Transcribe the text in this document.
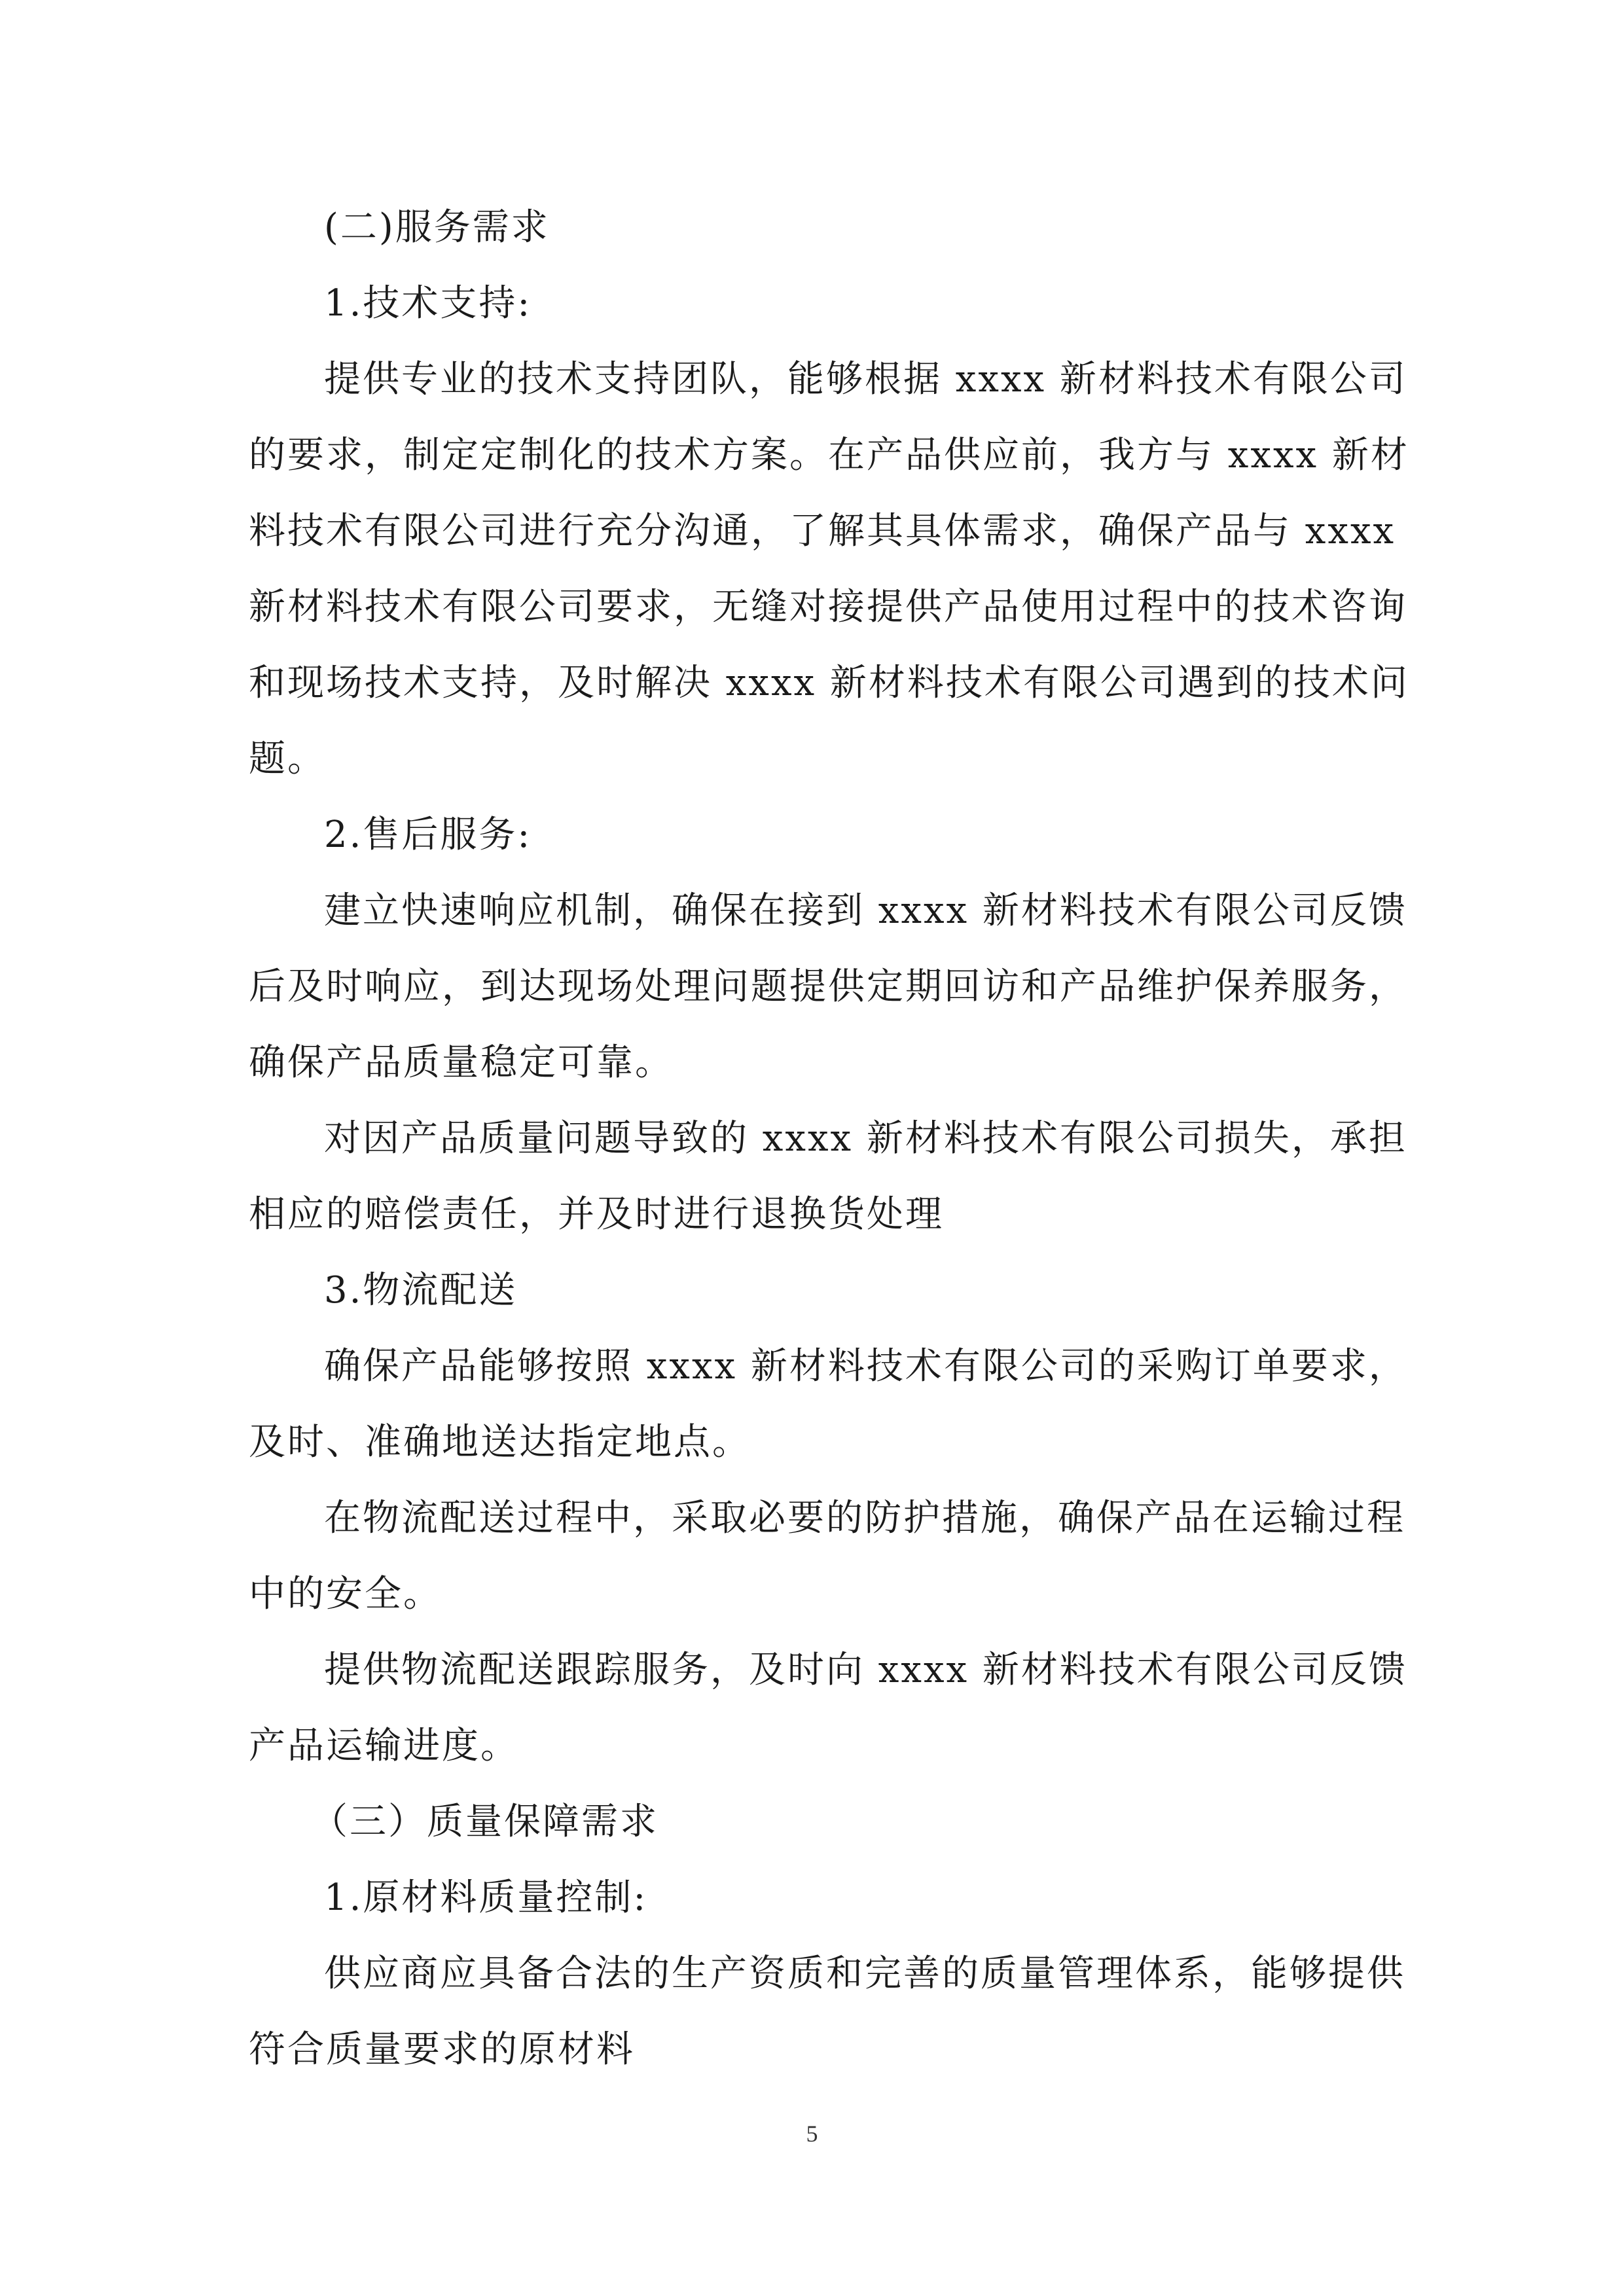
(二)服务需求

1.技术支持:

提供专业的技术支持团队，能够根据 xxxx 新材料技术有限公司

的要求，制定定制化的技术方案。在产品供应前，我方与 xxxx 新材

料技术有限公司进行充分沟通，了解其具体需求，确保产品与 xxxx

新材料技术有限公司要求，无缝对接提供产品使用过程中的技术咨询

和现场技术支持，及时解决 xxxx 新材料技术有限公司遇到的技术问

题。

2.售后服务:

建立快速响应机制，确保在接到 xxxx 新材料技术有限公司反馈

后及时响应，到达现场处理问题提供定期回访和产品维护保养服务，

确保产品质量稳定可靠。

对因产品质量问题导致的 xxxx 新材料技术有限公司损失，承担

相应的赔偿责任，并及时进行退换货处理

3.物流配送

确保产品能够按照 xxxx 新材料技术有限公司的采购订单要求，

及时、准确地送达指定地点。

在物流配送过程中，采取必要的防护措施，确保产品在运输过程

中的安全。

提供物流配送跟踪服务，及时向 xxxx 新材料技术有限公司反馈

产品运输进度。

（三）质量保障需求

1.原材料质量控制:

供应商应具备合法的生产资质和完善的质量管理体系，能够提供

符合质量要求的原材料

5
